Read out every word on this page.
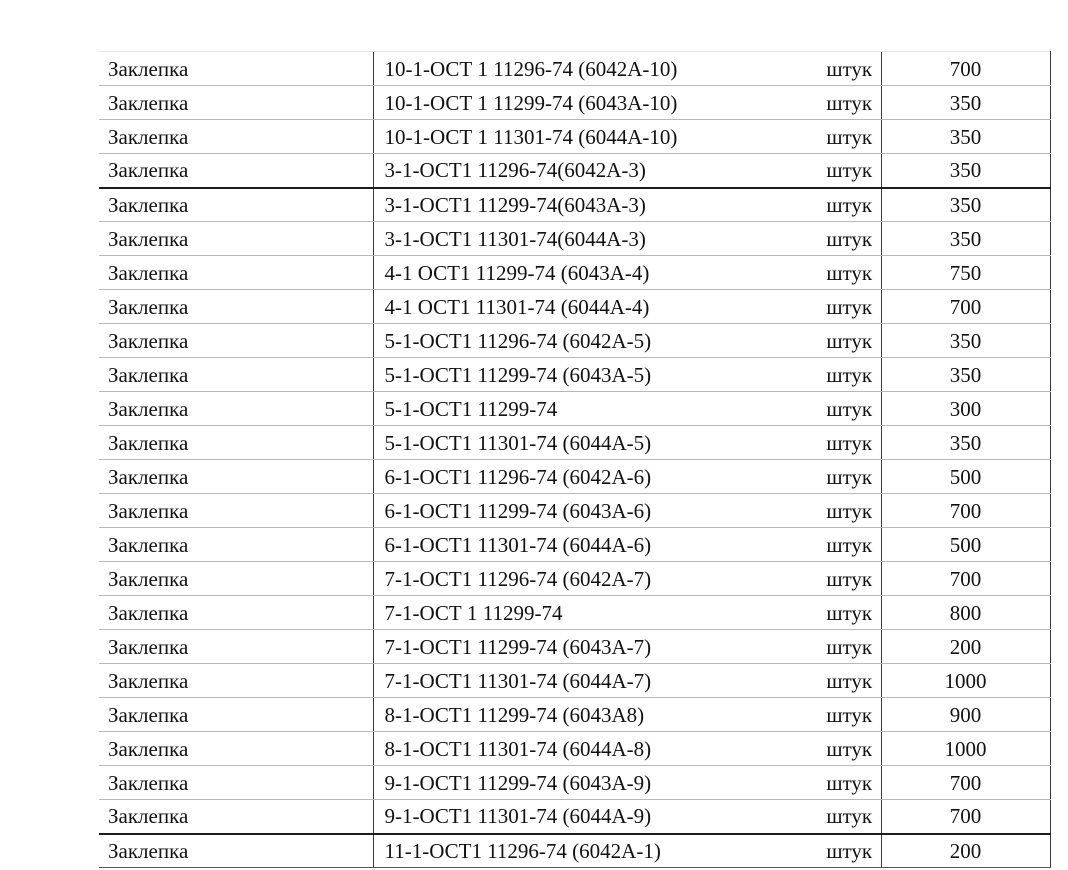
Заклепка	10-1-ОСТ 1 11296-74 (6042А-10)	штук	700
Заклепка	10-1-ОСТ 1 11299-74 (6043А-10)	штук	350
Заклепка	10-1-ОСТ 1 11301-74 (6044А-10)	штук	350
Заклепка	3-1-ОСТ1 11296-74(6042А-3)	штук	350
Заклепка	3-1-ОСТ1 11299-74(6043А-3)	штук	350
Заклепка	3-1-ОСТ1 11301-74(6044А-3)	штук	350
Заклепка	4-1 ОСТ1 11299-74 (6043А-4)	штук	750
Заклепка	4-1 ОСТ1 11301-74 (6044А-4)	штук	700
Заклепка	5-1-ОСТ1 11296-74 (6042А-5)	штук	350
Заклепка	5-1-ОСТ1 11299-74 (6043А-5)	штук	350
Заклепка	5-1-ОСТ1 11299-74	штук	300
Заклепка	5-1-ОСТ1 11301-74 (6044А-5)	штук	350
Заклепка	6-1-ОСТ1 11296-74 (6042А-6)	штук	500
Заклепка	6-1-ОСТ1 11299-74 (6043А-6)	штук	700
Заклепка	6-1-ОСТ1 11301-74 (6044А-6)	штук	500
Заклепка	7-1-ОСТ1 11296-74 (6042А-7)	штук	700
Заклепка	7-1-ОСТ 1 11299-74	штук	800
Заклепка	7-1-ОСТ1 11299-74 (6043А-7)	штук	200
Заклепка	7-1-ОСТ1 11301-74 (6044А-7)	штук	1000
Заклепка	8-1-ОСТ1 11299-74 (6043А8)	штук	900
Заклепка	8-1-ОСТ1 11301-74 (6044А-8)	штук	1000
Заклепка	9-1-ОСТ1 11299-74 (6043А-9)	штук	700
Заклепка	9-1-ОСТ1 11301-74 (6044А-9)	штук	700
Заклепка	11-1-ОСТ1 11296-74 (6042А-1)	штук	200
